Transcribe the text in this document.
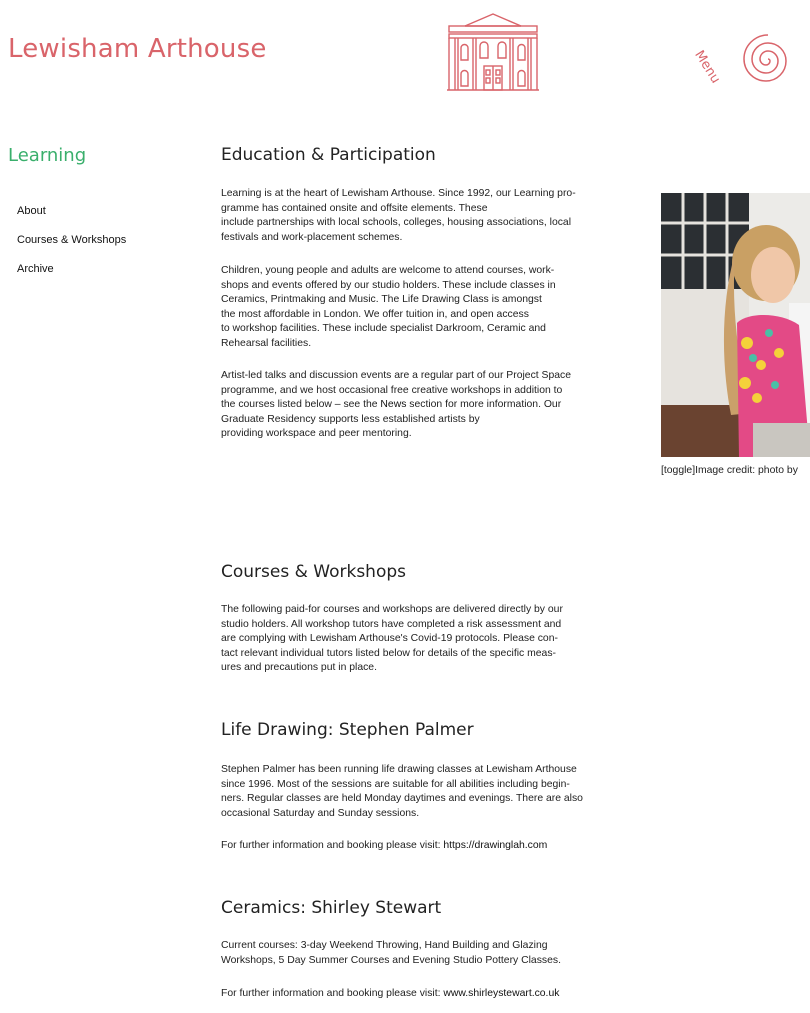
Lewisham Arthouse	Menu
Learning
About
Courses & Workshops
Archive
Education & Participation

Learning is at the heart of Lewisham Arthouse. Since 1992, our Learning pro-
gramme has contained onsite and offsite elements. These
include partnerships with local schools, colleges, housing associations, local
festivals and work-placement schemes.

Children, young people and adults are welcome to attend courses, work-
shops and events offered by our studio holders. These include classes in
Ceramics, Printmaking and Music. The Life Drawing Class is amongst
the most affordable in London. We offer tuition in, and open access
to workshop facilities. These include specialist Darkroom, Ceramic and
Rehearsal facilities.

Artist-led talks and discussion events are a regular part of our Project Space
programme, and we host occasional free creative workshops in addition to
the courses listed below – see the News section for more information. Our
Graduate Residency supports less established artists by
providing workspace and peer mentoring.

Courses & Workshops

The following paid-for courses and workshops are delivered directly by our
studio holders. All workshop tutors have completed a risk assessment and
are complying with Lewisham Arthouse's Covid-19 protocols. Please con-
tact relevant individual tutors listed below for details of the specific meas-
ures and precautions put in place.

Life Drawing: Stephen Palmer

Stephen Palmer has been running life drawing classes at Lewisham Arthouse
since 1996. Most of the sessions are suitable for all abilities including begin-
ners. Regular classes are held Monday daytimes and evenings. There are also
occasional Saturday and Sunday sessions.

For further information and booking please visit: https://drawinglah.com

Ceramics: Shirley Stewart

Current courses: 3-day Weekend Throwing, Hand Building and Glazing
Workshops, 5 Day Summer Courses and Evening Studio Pottery Classes.

For further information and booking please visit: www.shirleystewart.co.uk

[toggle]Image credit: photo by
